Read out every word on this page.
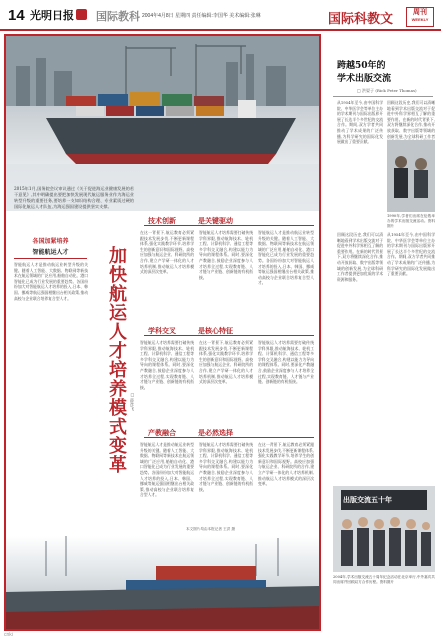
14 光明日报	国际教科 2004年4月8日 星期四 责任编辑:李国华 美术编辑:张琳	国际科教文	周刊
WEEKLY
2015年1月,国务院会议审议通过《关于促进海运业健康发展的若干意见》,其中明确提出要把加快发展现代航运服务业作为海运业转型升级的重要任务,要培养一支知识结构合理、专业素质过硬的国际化航运人才队伍,为海运强国建设提供坚实支撑。
各国加紧培养
智能航运人才
智能航运人才是推动航运业转型升级的关键。随着人工智能、大数据、物联网等新技术在航运领域的广泛应用,船舶自动化、港口智能化已成为行业发展的重要趋势。各国纷纷加大对智能航运人才培养的投入,日本、韩国、挪威等航运强国相继出台相关政策,推动高校与企业联合培养复合型人才。	加快航运人才培养模式变革 □ 薛彦飞
技术创新	是关键驱动
在这一背景下,航运教育必须紧跟技术发展步伐,不断更新课程体系,强化实践教学环节,培养学生的创新意识和国际视野。高校应加强与航运企业、科研院所的合作,建立产学研一体化的人才培养机制,推动航运人才培养模式的深层次变革。
智能航运人才培养需要打破传统学科界限,推动航海技术、轮机工程、计算机科学、通信工程等多学科交叉融合,构建以能力为导向的课程体系。同时,要深化产教融合,鼓励企业深度参与人才培养全过程,实现教育链、人才链与产业链、创新链的有机衔接。
智能航运人才是推动航运业转型升级的关键。随着人工智能、大数据、物联网等新技术在航运领域的广泛应用,船舶自动化、港口智能化已成为行业发展的重要趋势。各国纷纷加大对智能航运人才培养的投入,日本、韩国、挪威等航运强国相继出台相关政策,推动高校与企业联合培养复合型人才。
学科交叉	是核心特征
智能航运人才培养需要打破传统学科界限,推动航海技术、轮机工程、计算机科学、通信工程等多学科交叉融合,构建以能力为导向的课程体系。同时,要深化产教融合,鼓励企业深度参与人才培养全过程,实现教育链、人才链与产业链、创新链的有机衔接。
在这一背景下,航运教育必须紧跟技术发展步伐,不断更新课程体系,强化实践教学环节,培养学生的创新意识和国际视野。高校应加强与航运企业、科研院所的合作,建立产学研一体化的人才培养机制,推动航运人才培养模式的深层次变革。
智能航运人才培养需要打破传统学科界限,推动航海技术、轮机工程、计算机科学、通信工程等多学科交叉融合,构建以能力为导向的课程体系。同时,要深化产教融合,鼓励企业深度参与人才培养全过程,实现教育链、人才链与产业链、创新链的有机衔接。
产教融合	是必然选择
智能航运人才是推动航运业转型升级的关键。随着人工智能、大数据、物联网等新技术在航运领域的广泛应用,船舶自动化、港口智能化已成为行业发展的重要趋势。各国纷纷加大对智能航运人才培养的投入,日本、韩国、挪威等航运强国相继出台相关政策,推动高校与企业联合培养复合型人才。
智能航运人才培养需要打破传统学科界限,推动航海技术、轮机工程、计算机科学、通信工程等多学科交叉融合,构建以能力为导向的课程体系。同时,要深化产教融合,鼓励企业深度参与人才培养全过程,实现教育链、人才链与产业链、创新链的有机衔接。
在这一背景下,航运教育必须紧跟技术发展步伐,不断更新课程体系,强化实践教学环节,培养学生的创新意识和国际视野。高校应加强与航运企业、科研院所的合作,建立产学研一体化的人才培养机制,推动航运人才培养模式的深层次变革。
本文图片均由本报记者 王洪 摄
跨越50年的
学术出版交流
□ 洪晏子 (Rick Peter Thomas)
从1954年至今,由中国科学院、中华医学会等单位主办的学术期刊与国际出版界开展了长达半个多世纪的交流合作。期间,双方学者共同推动了学术成果的广泛传播,为科学研究的国际化发展做出了重要贡献。
回顾这段历史,我们可以清晰地看到学术出版交流对于促进中外科学界相互了解的重要作用。在新的时代背景下,双方将继续深化合作,推动开放获取、数字出版等领域的创新发展,为全球科研工作者
1990年,学者们出席在伦敦举办的学术出版交流活动。资料图片
回顾这段历史,我们可以清晰地看到学术出版交流对于促进中外科学界相互了解的重要作用。在新的时代背景下,双方将继续深化合作,推动开放获取、数字出版等领域的创新发展,为全球科研工作者提供更加优质的学术资源和服务。
从1954年至今,由中国科学院、中华医学会等单位主办的学术期刊与国际出版界开展了长达半个多世纪的交流合作。期间,双方学者共同推动了学术成果的广泛传播,为科学研究的国际化发展做出了重要贡献。
出版交流五十年
2004年,学术出版交流五十周年纪念活动在北京举行,中外嘉宾共同出席并回顾双方合作历程。资料图片
cnki
